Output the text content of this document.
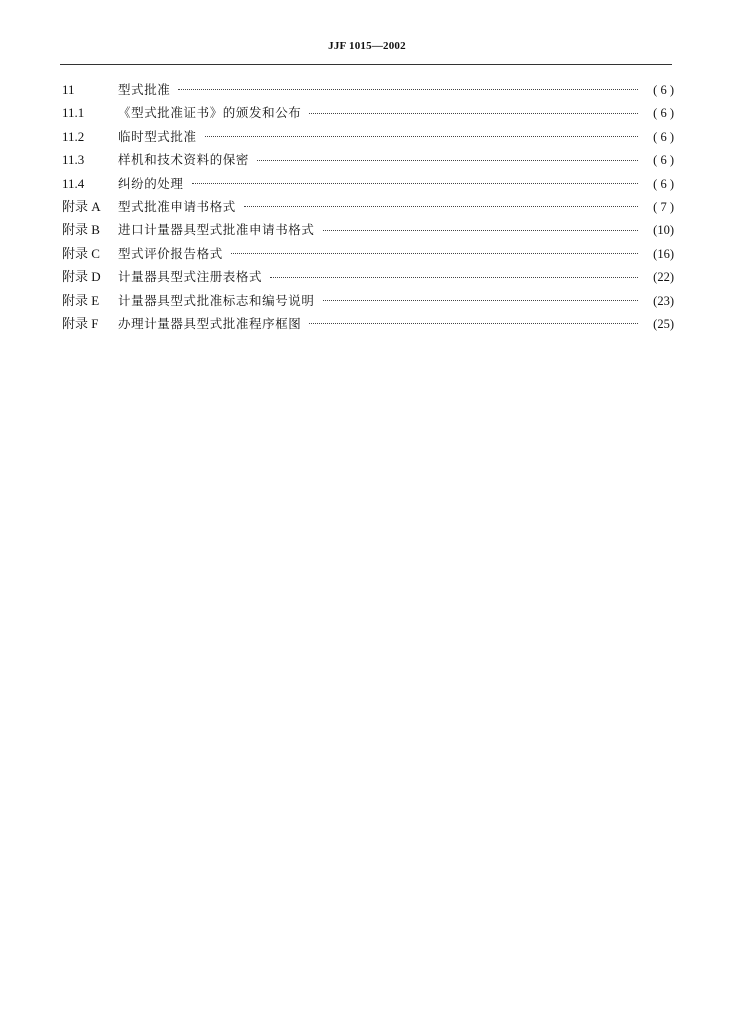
JJF 1015—2002
11	型式批准	( 6 )
11.1	《型式批准证书》的颁发和公布	( 6 )
11.2	临时型式批准	( 6 )
11.3	样机和技术资料的保密	( 6 )
11.4	纠纷的处理	( 6 )
附录 A	型式批准申请书格式	( 7 )
附录 B	进口计量器具型式批准申请书格式	(10)
附录 C	型式评价报告格式	(16)
附录 D	计量器具型式注册表格式	(22)
附录 E	计量器具型式批准标志和编号说明	(23)
附录 F	办理计量器具型式批准程序框图	(25)
